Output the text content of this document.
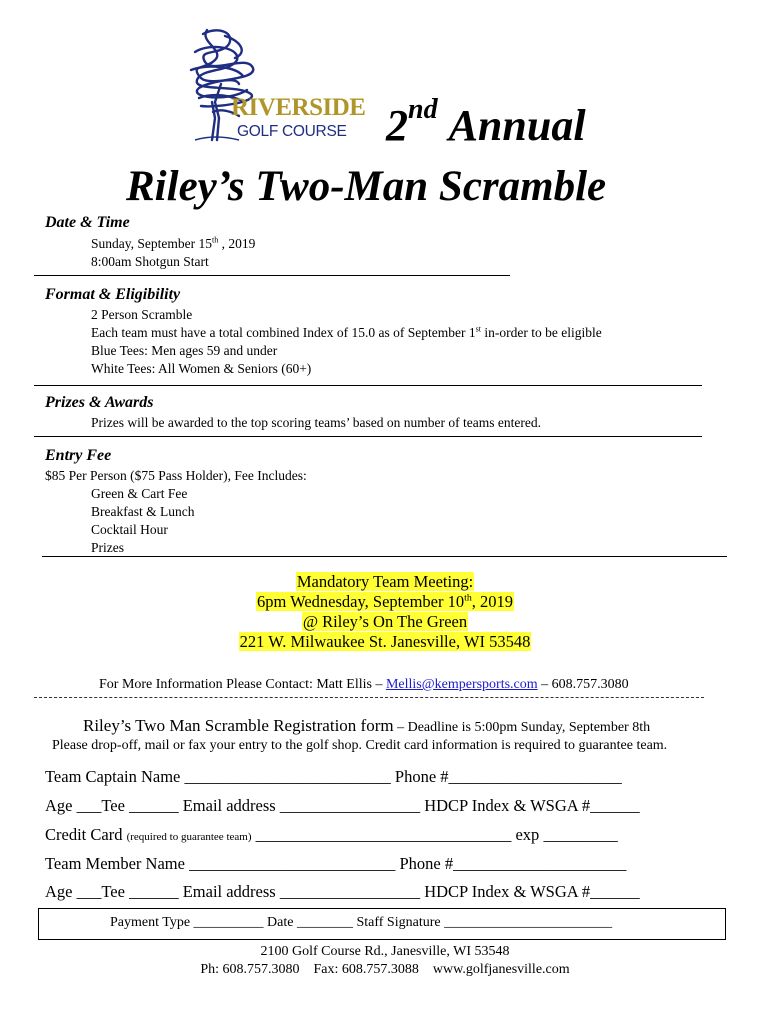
RIVERSIDE
GOLF COURSE 2nd Annual
Riley’s Two-Man Scramble
Date & Time
Sunday, September 15th , 2019
8:00am Shotgun Start
Format & Eligibility
2 Person Scramble
Each team must have a total combined Index of 15.0 as of September 1st in-order to be eligible
Blue Tees: Men ages 59 and under
White Tees: All Women & Seniors (60+)
Prizes & Awards
Prizes will be awarded to the top scoring teams’ based on number of teams entered.
Entry Fee
$85 Per Person ($75 Pass Holder), Fee Includes:
Green & Cart Fee
Breakfast & Lunch
Cocktail Hour
Prizes
Mandatory Team Meeting:
6pm Wednesday, September 10th, 2019
@ Riley’s On The Green
221 W. Milwaukee St. Janesville, WI 53548
For More Information Please Contact: Matt Ellis – Mellis@kempersports.com – 608.757.3080
Riley’s Two Man Scramble Registration form – Deadline is 5:00pm Sunday, September 8th
Please drop-off, mail or fax your entry to the golf shop. Credit card information is required to guarantee team.
Team Captain Name _________________________ Phone #_____________________
Age ___Tee ______ Email address _________________ HDCP Index & WSGA #______
Credit Card (required to guarantee team) _______________________________ exp _________
Team Member Name _________________________ Phone #_____________________
Age ___Tee ______ Email address _________________ HDCP Index & WSGA #______
Payment Type __________ Date ________ Staff Signature ________________________
2100 Golf Course Rd., Janesville, WI 53548
Ph: 608.757.3080    Fax: 608.757.3088    www.golfjanesville.com
